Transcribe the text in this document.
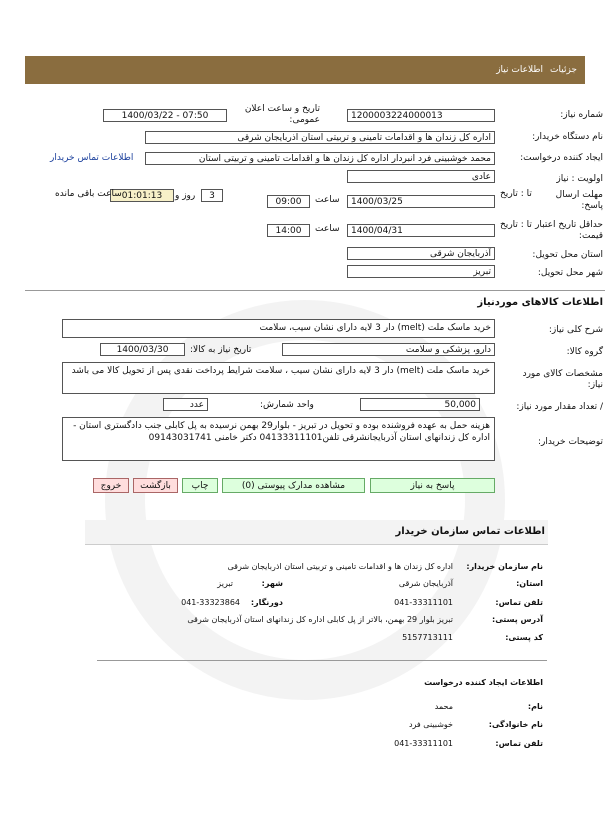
جزئیات
اطلاعات نیاز
شماره نیاز:
1200003224000013
تاریخ و ساعت اعلان عمومی:
1400/03/22 - 07:50
نام دستگاه خریدار:
اداره کل زندان ها و اقدامات تامینی و تربیتی استان اذربایجان شرقی
ایجاد کننده درخواست:
محمد خوشبینی فرد انبردار اداره کل زندان ها و اقدامات تامینی و تربیتی استان
اطلاعات تماس خریدار
اولویت : نیاز
عادی
مهلت ارسال پاسخ:
تا : تاریخ
1400/03/25
ساعت
09:00
3
روز و
01:01:13
ساعت باقی مانده
حداقل تاریخ اعتبار قیمت:
تا : تاریخ
1400/04/31
ساعت
14:00
استان محل تحویل:
آذربایجان شرقی
شهر محل تحویل:
تبریز
اطلاعات کالاهای موردنیاز
شرح کلی نیاز:
خرید ماسک ملت (melt) دار 3 لایه دارای نشان سیب، سلامت
گروه کالا:
دارو، پزشکی و سلامت
تاریخ نیاز به کالا:
1400/03/30
مشخصات کالای مورد نیاز:
خرید ماسک ملت (melt) دار 3 لایه دارای نشان سیب ، سلامت شرایط پرداخت نقدی پس از تحویل کالا می باشد
/ تعداد مقدار مورد نیاز:
50,000
واحد شمارش:
عدد
توضیحات خریدار:
هزینه حمل به عهده فروشنده بوده و تحویل در تبریز - بلوار29 بهمن نرسیده به پل کابلی جنب دادگستری استان - اداره کل زندانهای استان آذربایجانشرقی تلفن04133311101 دکتر خامنی 09143031741
پاسخ به نیاز
مشاهده مدارک پیوستی (0)
چاپ
بازگشت
خروج
اطلاعات تماس سازمان خریدار
نام سازمان خریدار:
اداره کل زندان ها و اقدامات تامینی و تربیتی استان اذربایجان شرقی
استان:
آذربایجان شرقی
شهر:
تبریز
تلفن تماس:
041-33311101
دورنگار:
041-33323864
آدرس پستی:
تبریز بلوار 29 بهمن، بالاتر از پل کابلی اداره کل زندانهای استان آذربایجان شرقی
کد پستی:
5157713111
اطلاعات ایجاد کننده درخواست
نام:
محمد
نام خانوادگی:
خوشبینی فرد
تلفن تماس:
041-33311101
